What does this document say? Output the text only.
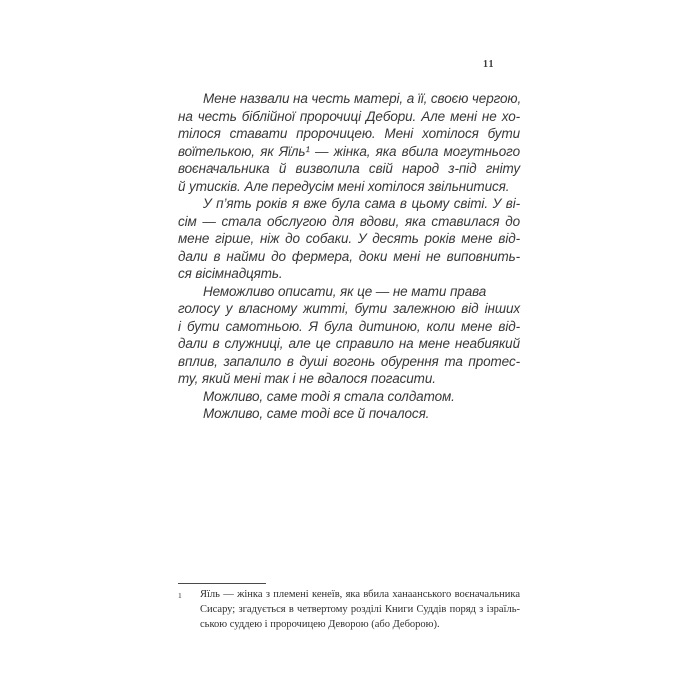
11
Мене назвали на честь матері, а її, своєю чергою,
на честь біблійної пророчиці Дебори. Але мені не хо-
тілося ставати пророчицею. Мені хотілося бути
воїтелькою, як Яїль¹ — жінка, яка вбила могутнього
воєначальника й визволила свій народ з-під гніту
й утисків. Але передусім мені хотілося звільнитися.
У п’ять років я вже була сама в цьому світі. У ві-
сім — стала обслугою для вдови, яка ставилася до
мене гірше, ніж до собаки. У десять років мене від-
дали в найми до фермера, доки мені не виповнить-
ся вісімнадцять.
Неможливо описати, як це — не мати права
голосу у власному житті, бути залежною від інших
і бути самотньою. Я була дитиною, коли мене від-
дали в служниці, але це справило на мене неабиякий
вплив, запалило в душі вогонь обурення та протес-
ту, який мені так і не вдалося погасити.
Можливо, саме тоді я стала солдатом.
Можливо, саме тоді все й почалося.
1 Яїль — жінка з племені кенеїв, яка вбила ханаанського воєначальника
Сисару; згадується в четвертому розділі Книги Суддів поряд з ізраїль-
ською суддею і пророчицею Деворою (або Деборою).
